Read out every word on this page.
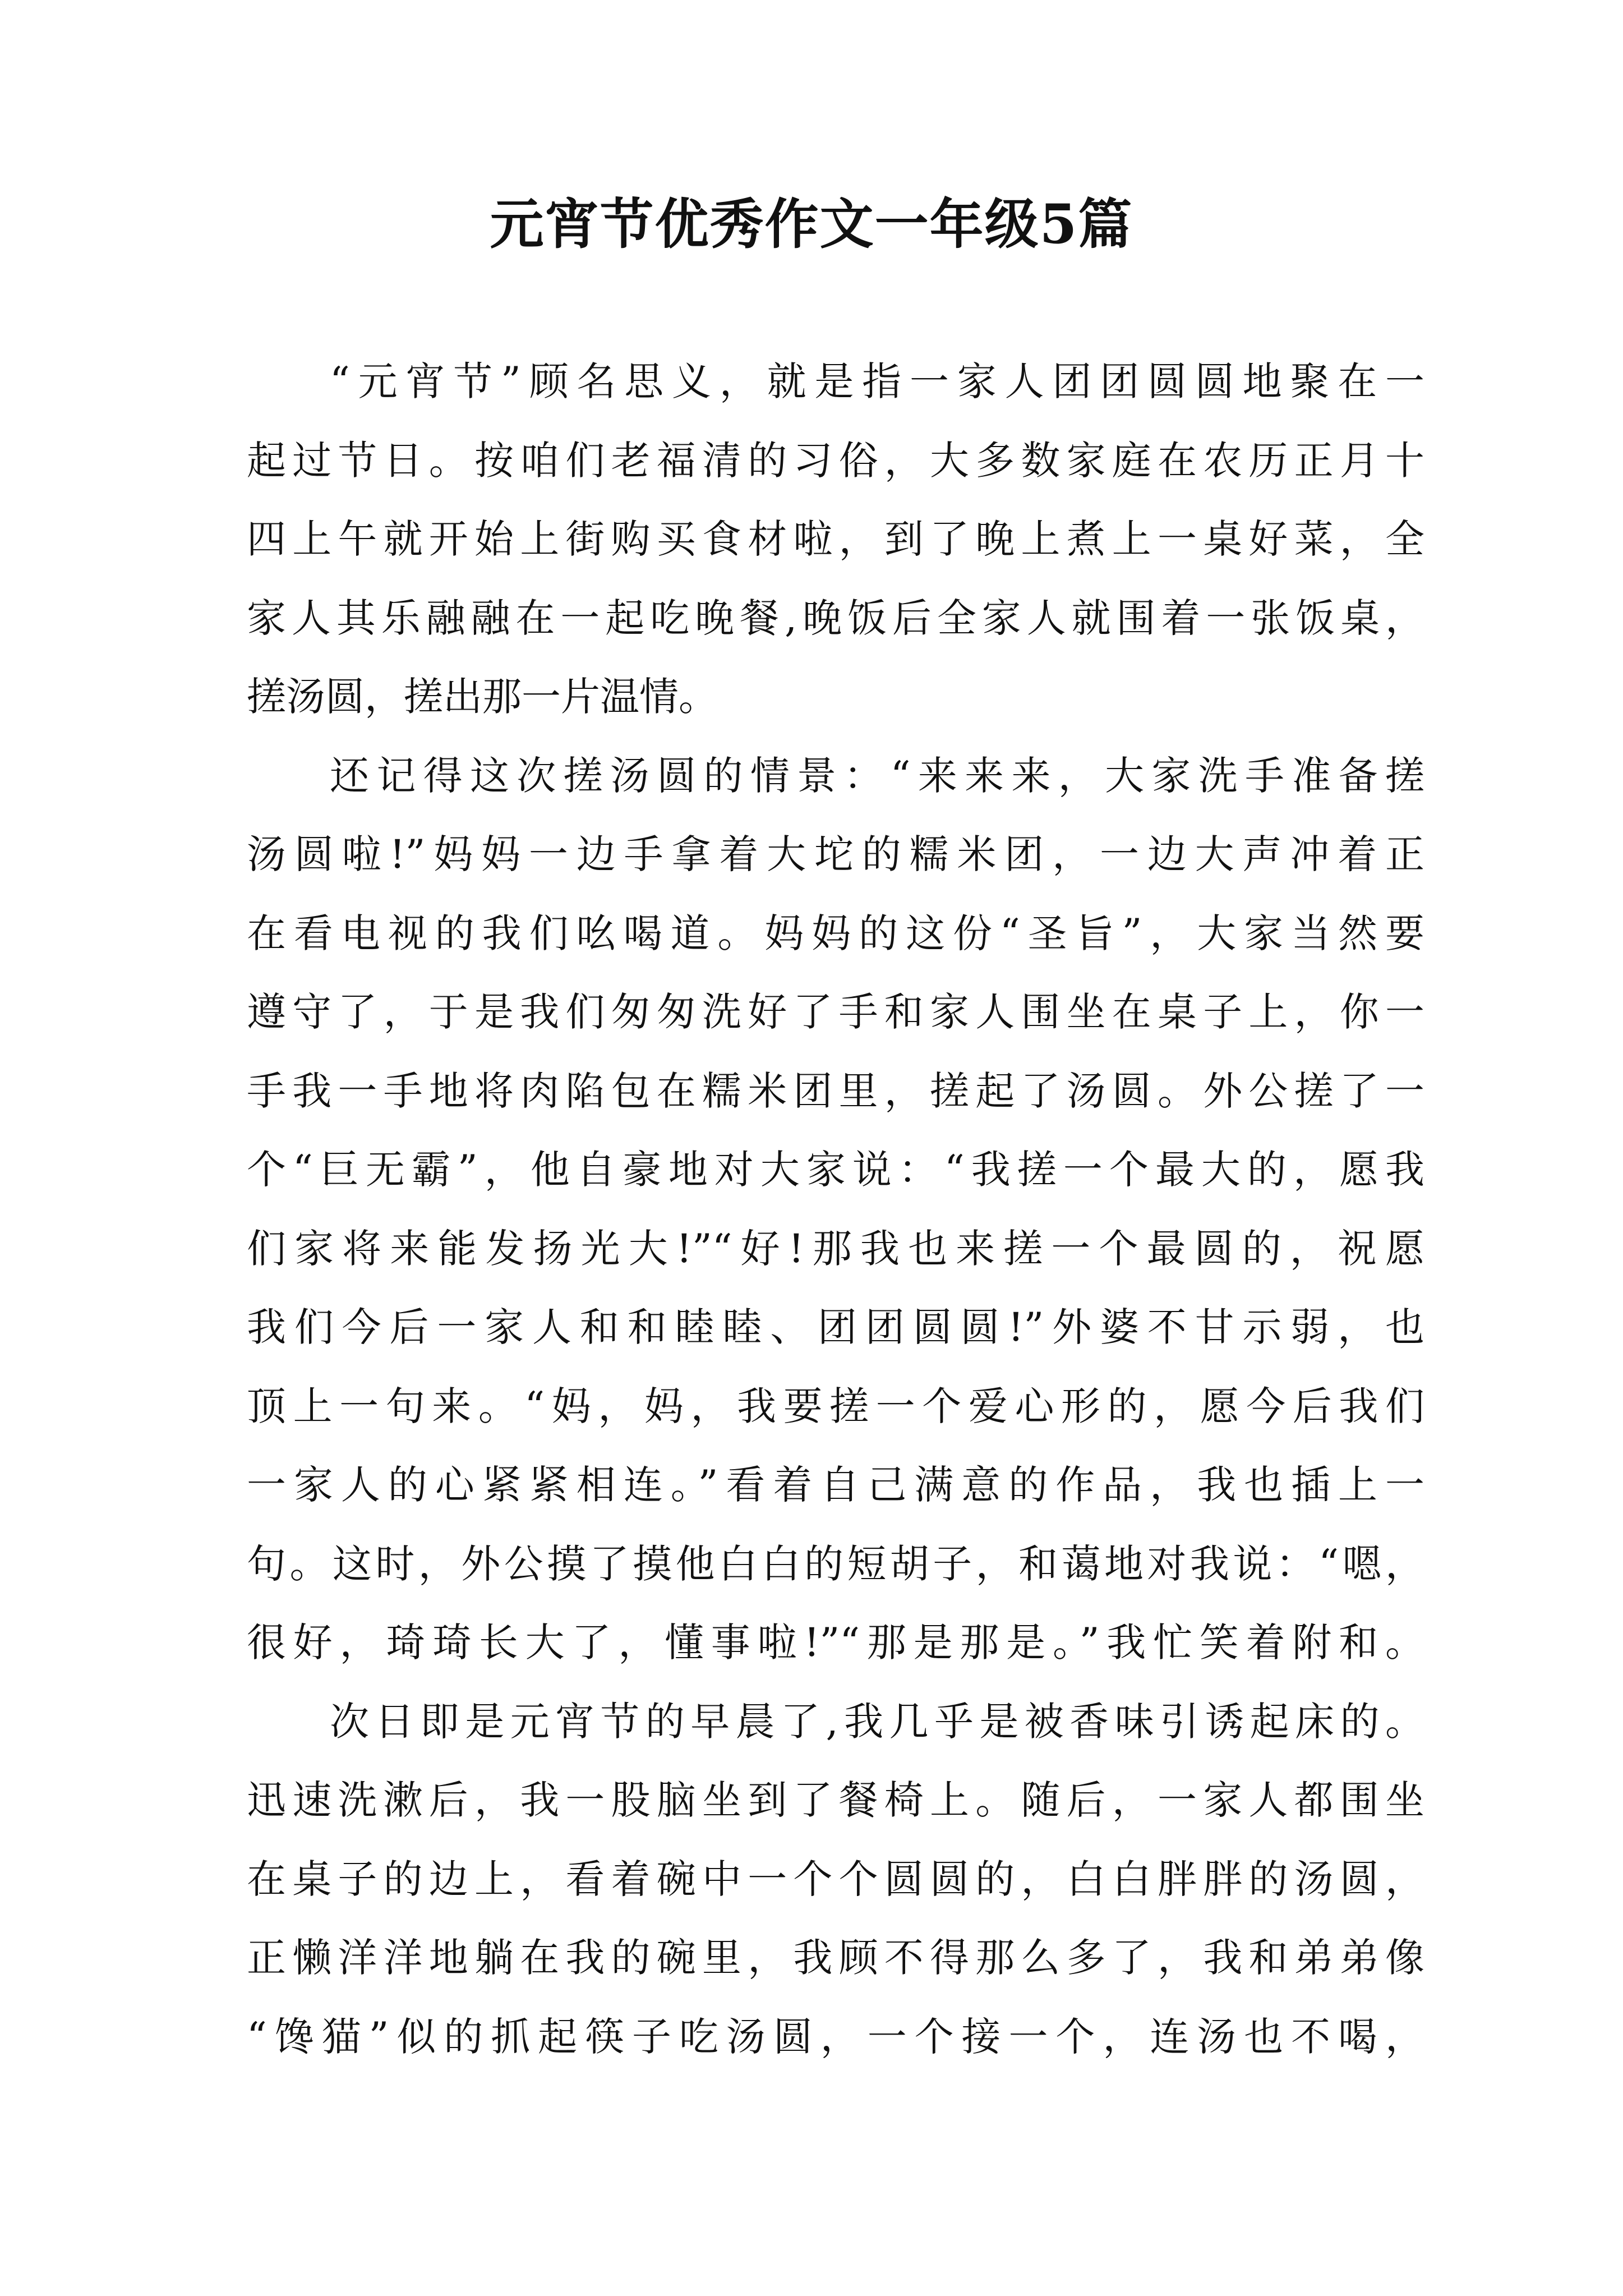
元宵节优秀作文一年级5篇
“元宵节”顾名思义，就是指一家人团团圆圆地聚在一
起过节日。按咱们老福清的习俗，大多数家庭在农历正月十
四上午就开始上街购买食材啦，到了晚上煮上一桌好菜，全
家人其乐融融在一起吃晚餐,晚饭后全家人就围着一张饭桌，
搓汤圆，搓出那一片温情。
还记得这次搓汤圆的情景：“来来来，大家洗手准备搓
汤圆啦!”妈妈一边手拿着大坨的糯米团，一边大声冲着正
在看电视的我们吆喝道。妈妈的这份“圣旨”，大家当然要
遵守了，于是我们匆匆洗好了手和家人围坐在桌子上，你一
手我一手地将肉陷包在糯米团里，搓起了汤圆。外公搓了一
个“巨无霸”，他自豪地对大家说：“我搓一个最大的，愿我
们家将来能发扬光大!”“好!那我也来搓一个最圆的，祝愿
我们今后一家人和和睦睦、团团圆圆!”外婆不甘示弱，也
顶上一句来。“妈，妈，我要搓一个爱心形的，愿今后我们
一家人的心紧紧相连。”看着自己满意的作品，我也插上一
句。这时，外公摸了摸他白白的短胡子，和蔼地对我说：“嗯，
很好，琦琦长大了，懂事啦!”“那是那是。”我忙笑着附和。
次日即是元宵节的早晨了,我几乎是被香味引诱起床的。
迅速洗漱后，我一股脑坐到了餐椅上。随后，一家人都围坐
在桌子的边上，看着碗中一个个圆圆的，白白胖胖的汤圆，
正懒洋洋地躺在我的碗里，我顾不得那么多了，我和弟弟像
“馋猫”似的抓起筷子吃汤圆，一个接一个，连汤也不喝，
